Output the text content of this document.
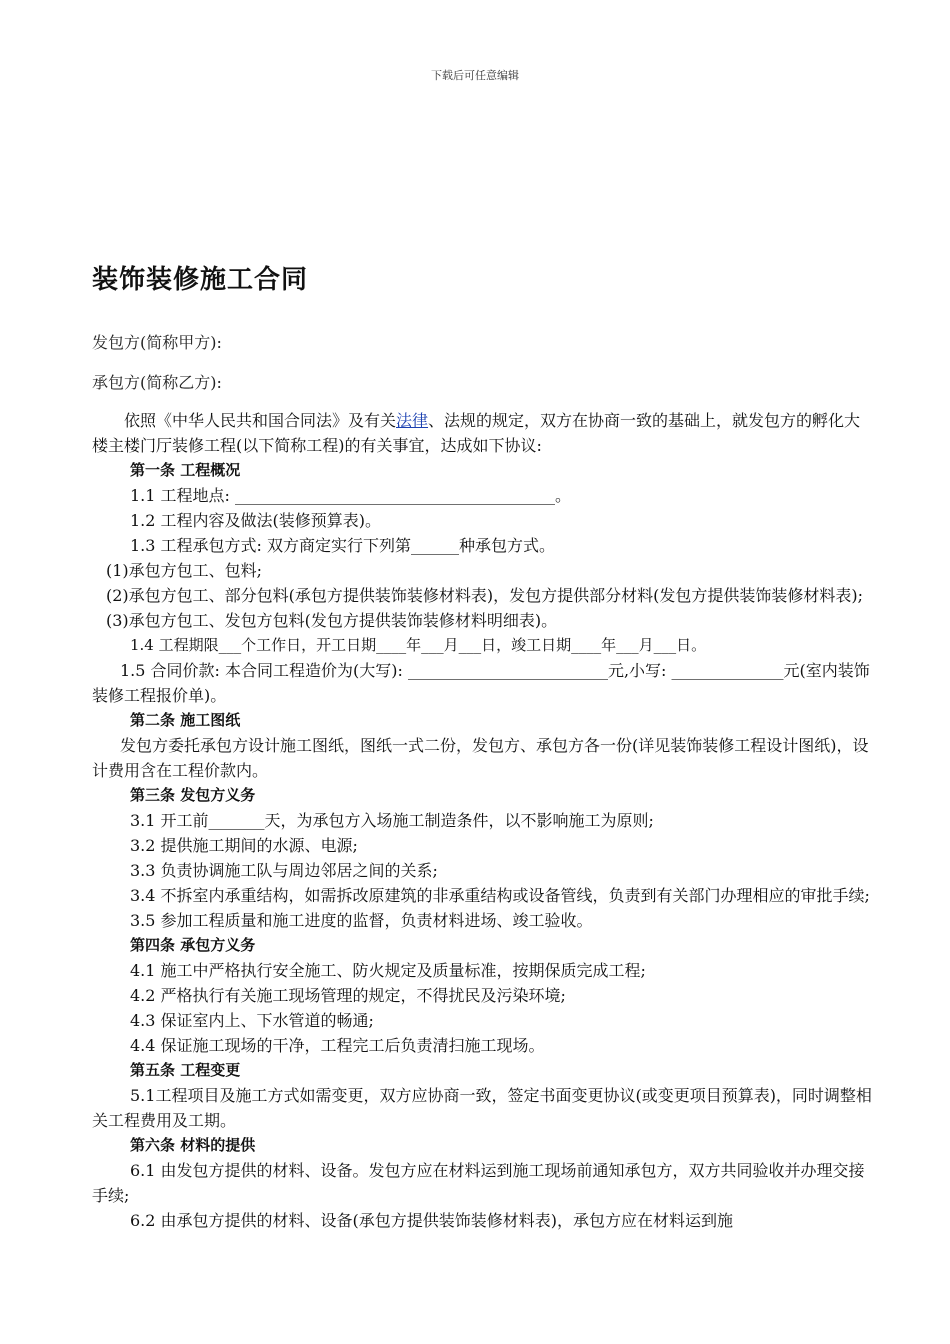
下载后可任意编辑
装饰装修施工合同
发包方(简称甲方):
承包方(简称乙方):

依照《中华人民共和国合同法》及有关法律、法规的规定，双方在协商一致的基础上，就发包方的孵化大楼主楼门厅装修工程(以下简称工程)的有关事宜，达成如下协议:

第一条 工程概况

1.1 工程地点: ________________________________________。

1.2 工程内容及做法(装修预算表)。

1.3 工程承包方式: 双方商定实行下列第______种承包方式。

(1)承包方包工、包料;

(2)承包方包工、部分包料(承包方提供装饰装修材料表)，发包方提供部分材料(发包方提供装饰装修材料表);

(3)承包方包工、发包方包料(发包方提供装饰装修材料明细表)。

1.4 工程期限___个工作日，开工日期____年___月___日，竣工日期____年___月___日。

1.5 合同价款: 本合同工程造价为(大写): _________________________元,小写: ______________元(室内装饰装修工程报价单)。

第二条 施工图纸

发包方委托承包方设计施工图纸，图纸一式二份，发包方、承包方各一份(详见装饰装修工程设计图纸)，设计费用含在工程价款内。

第三条 发包方义务

3.1 开工前_______天，为承包方入场施工制造条件，以不影响施工为原则;

3.2 提供施工期间的水源、电源;

3.3 负责协调施工队与周边邻居之间的关系;

3.4 不拆室内承重结构，如需拆改原建筑的非承重结构或设备管线，负责到有关部门办理相应的审批手续;

3.5 参加工程质量和施工进度的监督，负责材料进场、竣工验收。

第四条 承包方义务

4.1 施工中严格执行安全施工、防火规定及质量标准，按期保质完成工程;

4.2 严格执行有关施工现场管理的规定，不得扰民及污染环境;

4.3 保证室内上、下水管道的畅通;

4.4 保证施工现场的干净，工程完工后负责清扫施工现场。

第五条 工程变更

5.1工程项目及施工方式如需变更，双方应协商一致，签定书面变更协议(或变更项目预算表)，同时调整相关工程费用及工期。

第六条 材料的提供

6.1 由发包方提供的材料、设备。发包方应在材料运到施工现场前通知承包方，双方共同验收并办理交接手续;

6.2 由承包方提供的材料、设备(承包方提供装饰装修材料表)，承包方应在材料运到施
